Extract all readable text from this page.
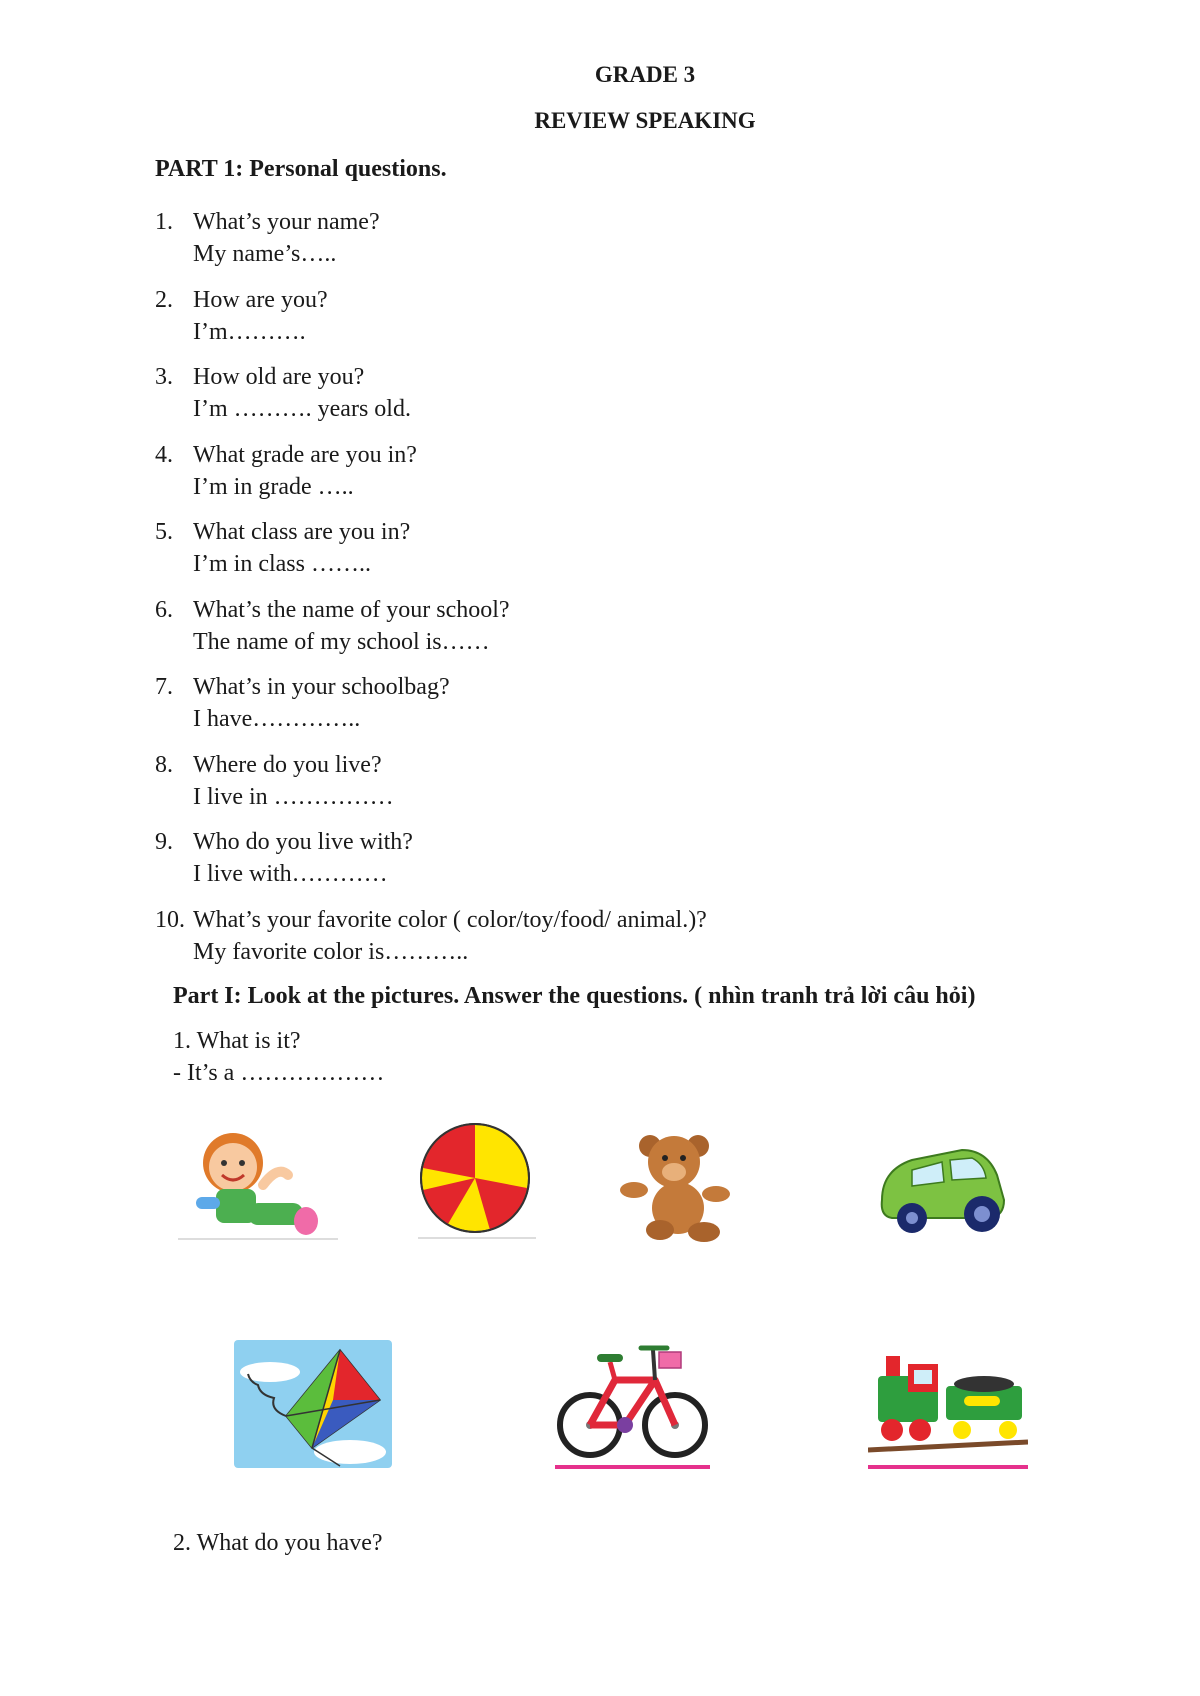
GRADE 3
REVIEW SPEAKING
PART 1: Personal questions.
1. What’s your name?
My name’s…..
2. How are you?
I’m……….
3. How old are you?
I’m ………. years old.
4. What grade are you in?
I’m in grade …..
5. What class are you in?
I’m in class ……..
6. What’s the name of your school?
The name of my school is……
7. What’s in your schoolbag?
I have…………..
8. Where do you live?
I live in ……………
9. Who do you live with?
I live with…………
10. What’s your favorite color ( color/toy/food/ animal.)?
My favorite color is………..
Part I: Look at the pictures. Answer the questions. ( nhìn tranh trả lời câu hỏi)
1. What is it?
- It’s a ………………
2. What do you have?
